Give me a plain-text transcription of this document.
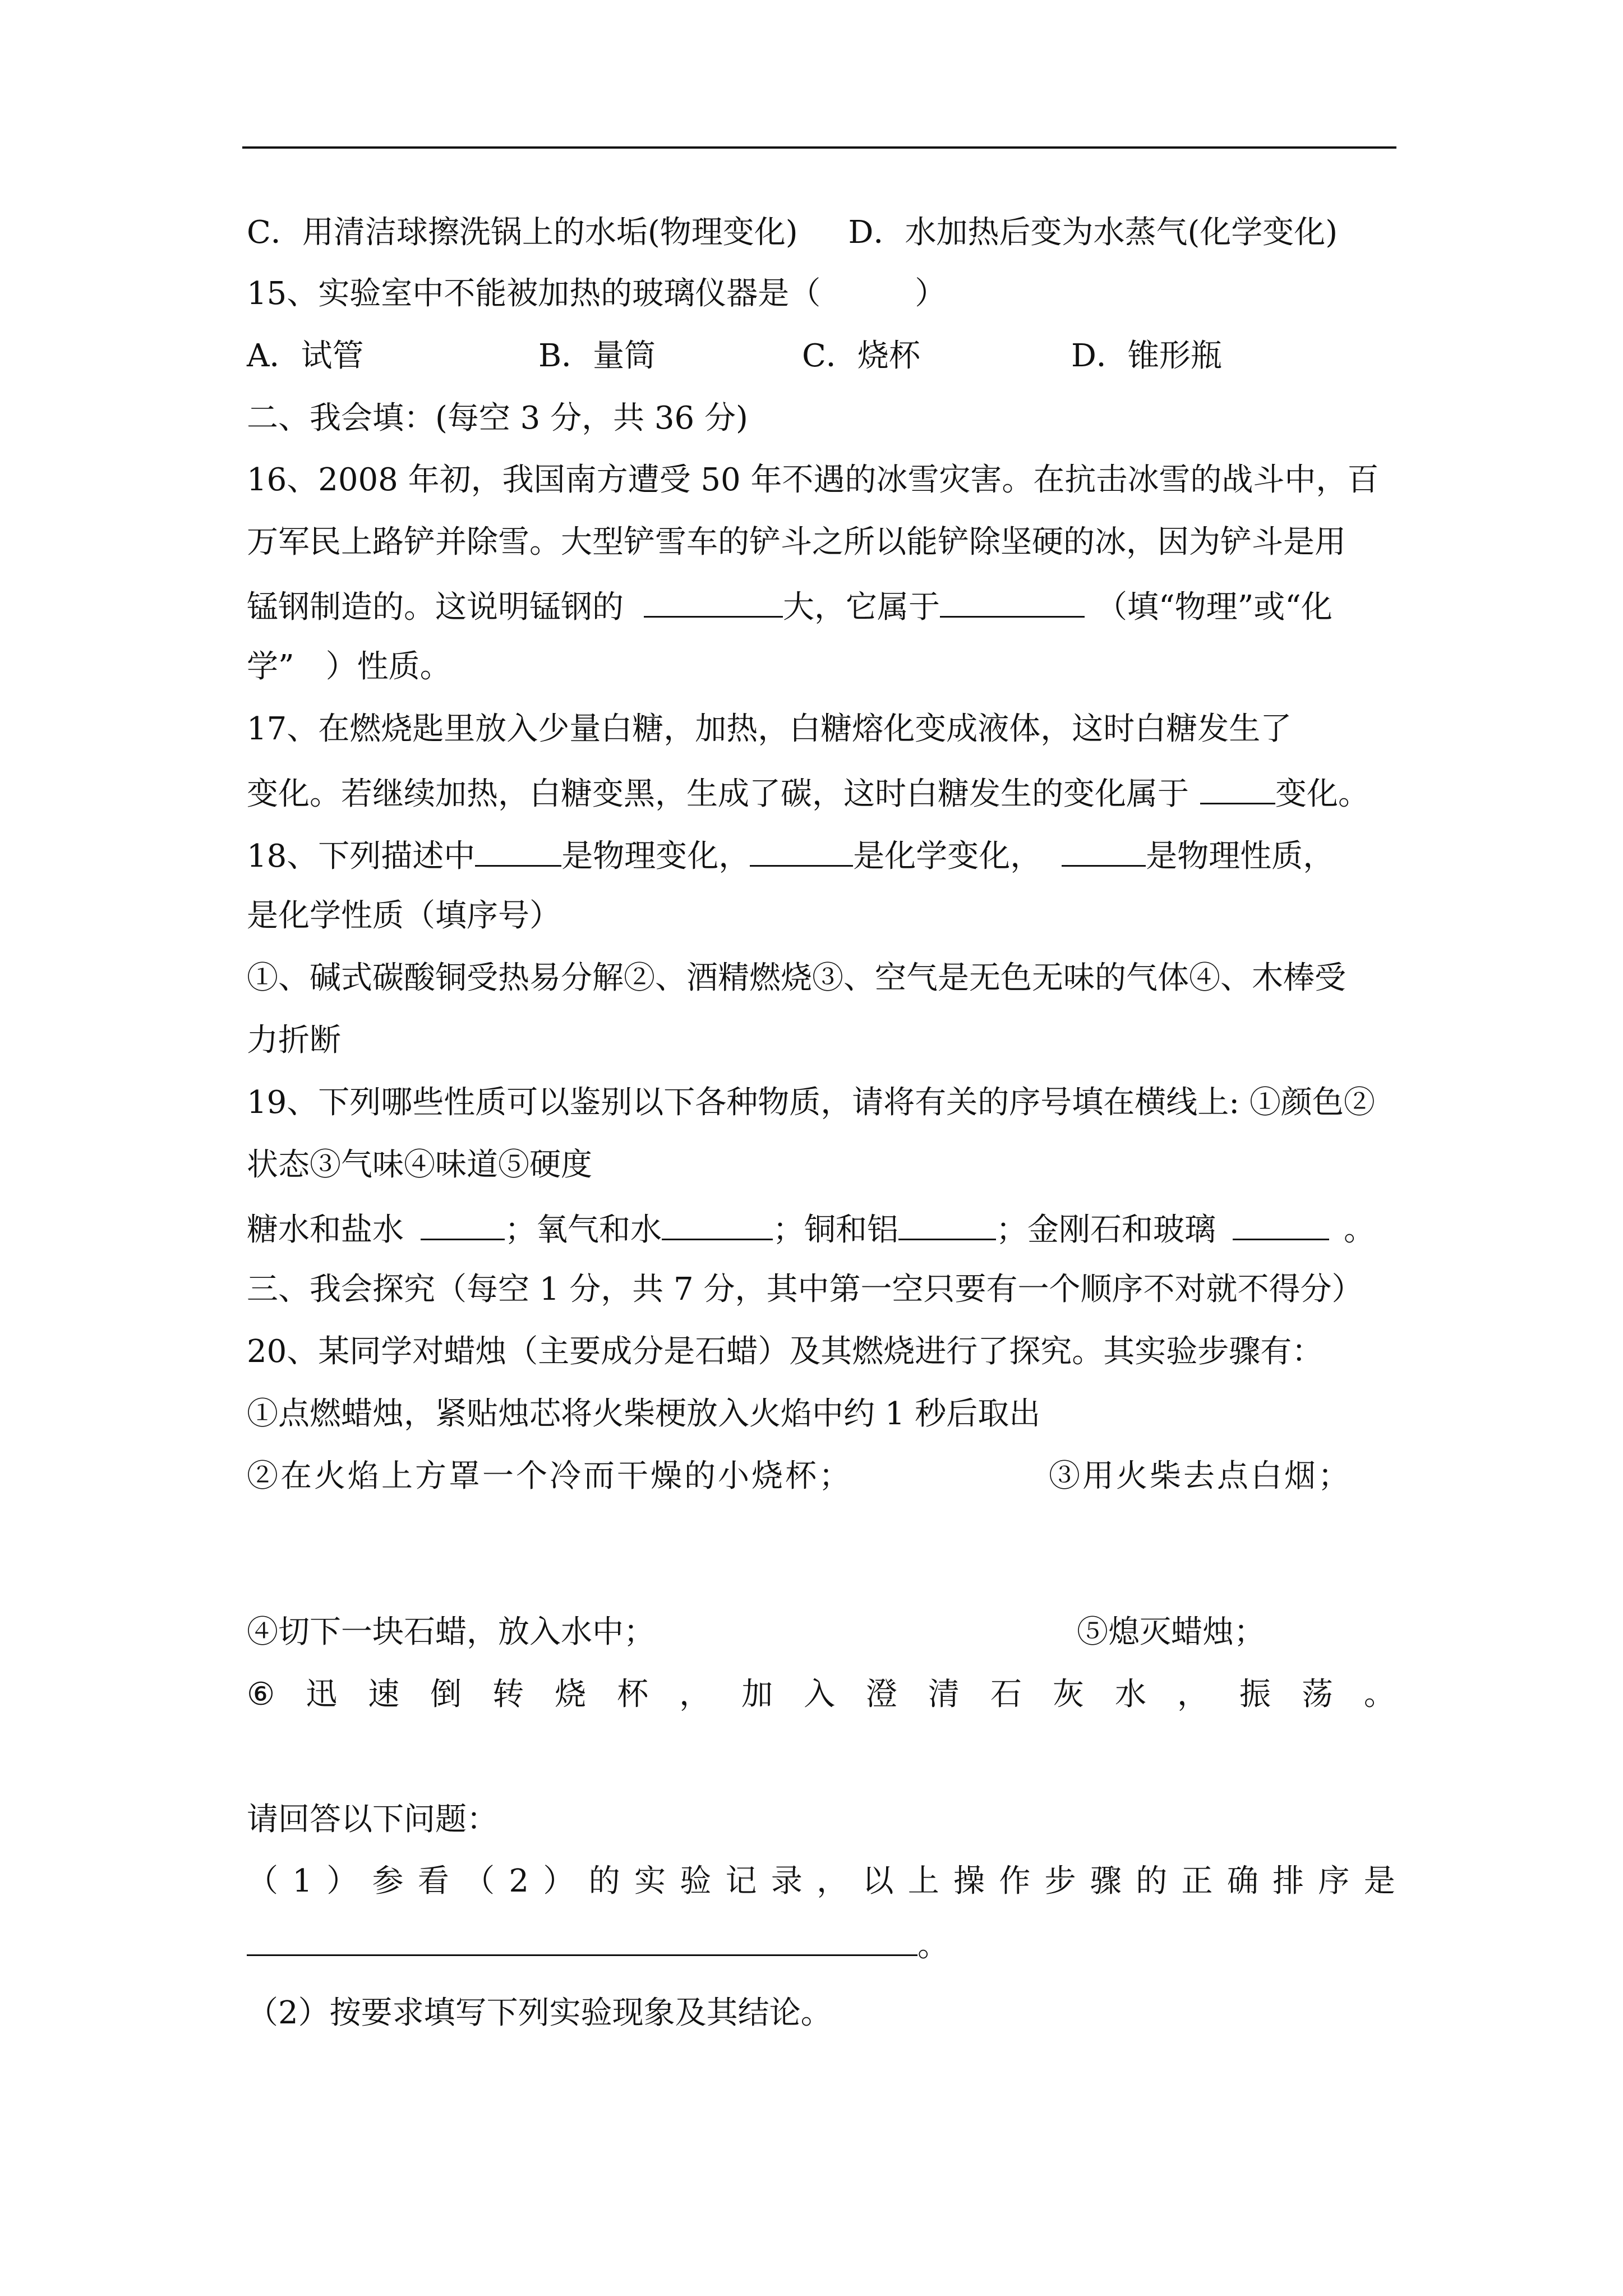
C．用清洁球擦洗锅上的水垢(物理变化) D．水加热后变为水蒸气(化学变化)
15、实验室中不能被加热的玻璃仪器是（　　　）
A．试管	B．量筒	C．烧杯	D．锥形瓶
二、我会填：(每空 3 分，共 36 分)
16、2008 年初，我国南方遭受 50 年不遇的冰雪灾害。在抗击冰雪的战斗中，百
万军民上路铲并除雪。大型铲雪车的铲斗之所以能铲除坚硬的冰，因为铲斗是用
锰钢制造的。这说明锰钢的	大，它属于	（填“物理”或“化
学”　）性质。
17、在燃烧匙里放入少量白糖，加热，白糖熔化变成液体，这时白糖发生了
变化。若继续加热，白糖变黑，生成了碳，这时白糖发生的变化属于	变化。
18、下列描述中	是物理变化，	是化学变化，	是物理性质，
是化学性质（填序号）
①、碱式碳酸铜受热易分解②、酒精燃烧③、空气是无色无味的气体④、木棒受
力折断
19、下列哪些性质可以鉴别以下各种物质，请将有关的序号填在横线上: ①颜色②
状态③气味④味道⑤硬度
糖水和盐水	；氧气和水	；铜和铝	；金刚石和玻璃	。
三、我会探究（每空 1 分，共 7 分，其中第一空只要有一个顺序不对就不得分）
20、某同学对蜡烛（主要成分是石蜡）及其燃烧进行了探究。其实验步骤有：
①点燃蜡烛，紧贴烛芯将火柴梗放入火焰中约 1 秒后取出
②在火焰上方罩一个冷而干燥的小烧杯；	③用火柴去点白烟；
④切下一块石蜡，放入水中；	⑤熄灭蜡烛；
⑥ 迅 速 倒 转 烧 杯 ， 加 入 澄 清 石 灰 水 ， 振 荡 。
请回答以下问题：
（ 1 ） 参 看 （ 2 ） 的 实 验 记 录 ， 以 上 操 作 步 骤 的 正 确 排 序 是
。
（2）按要求填写下列实验现象及其结论。
